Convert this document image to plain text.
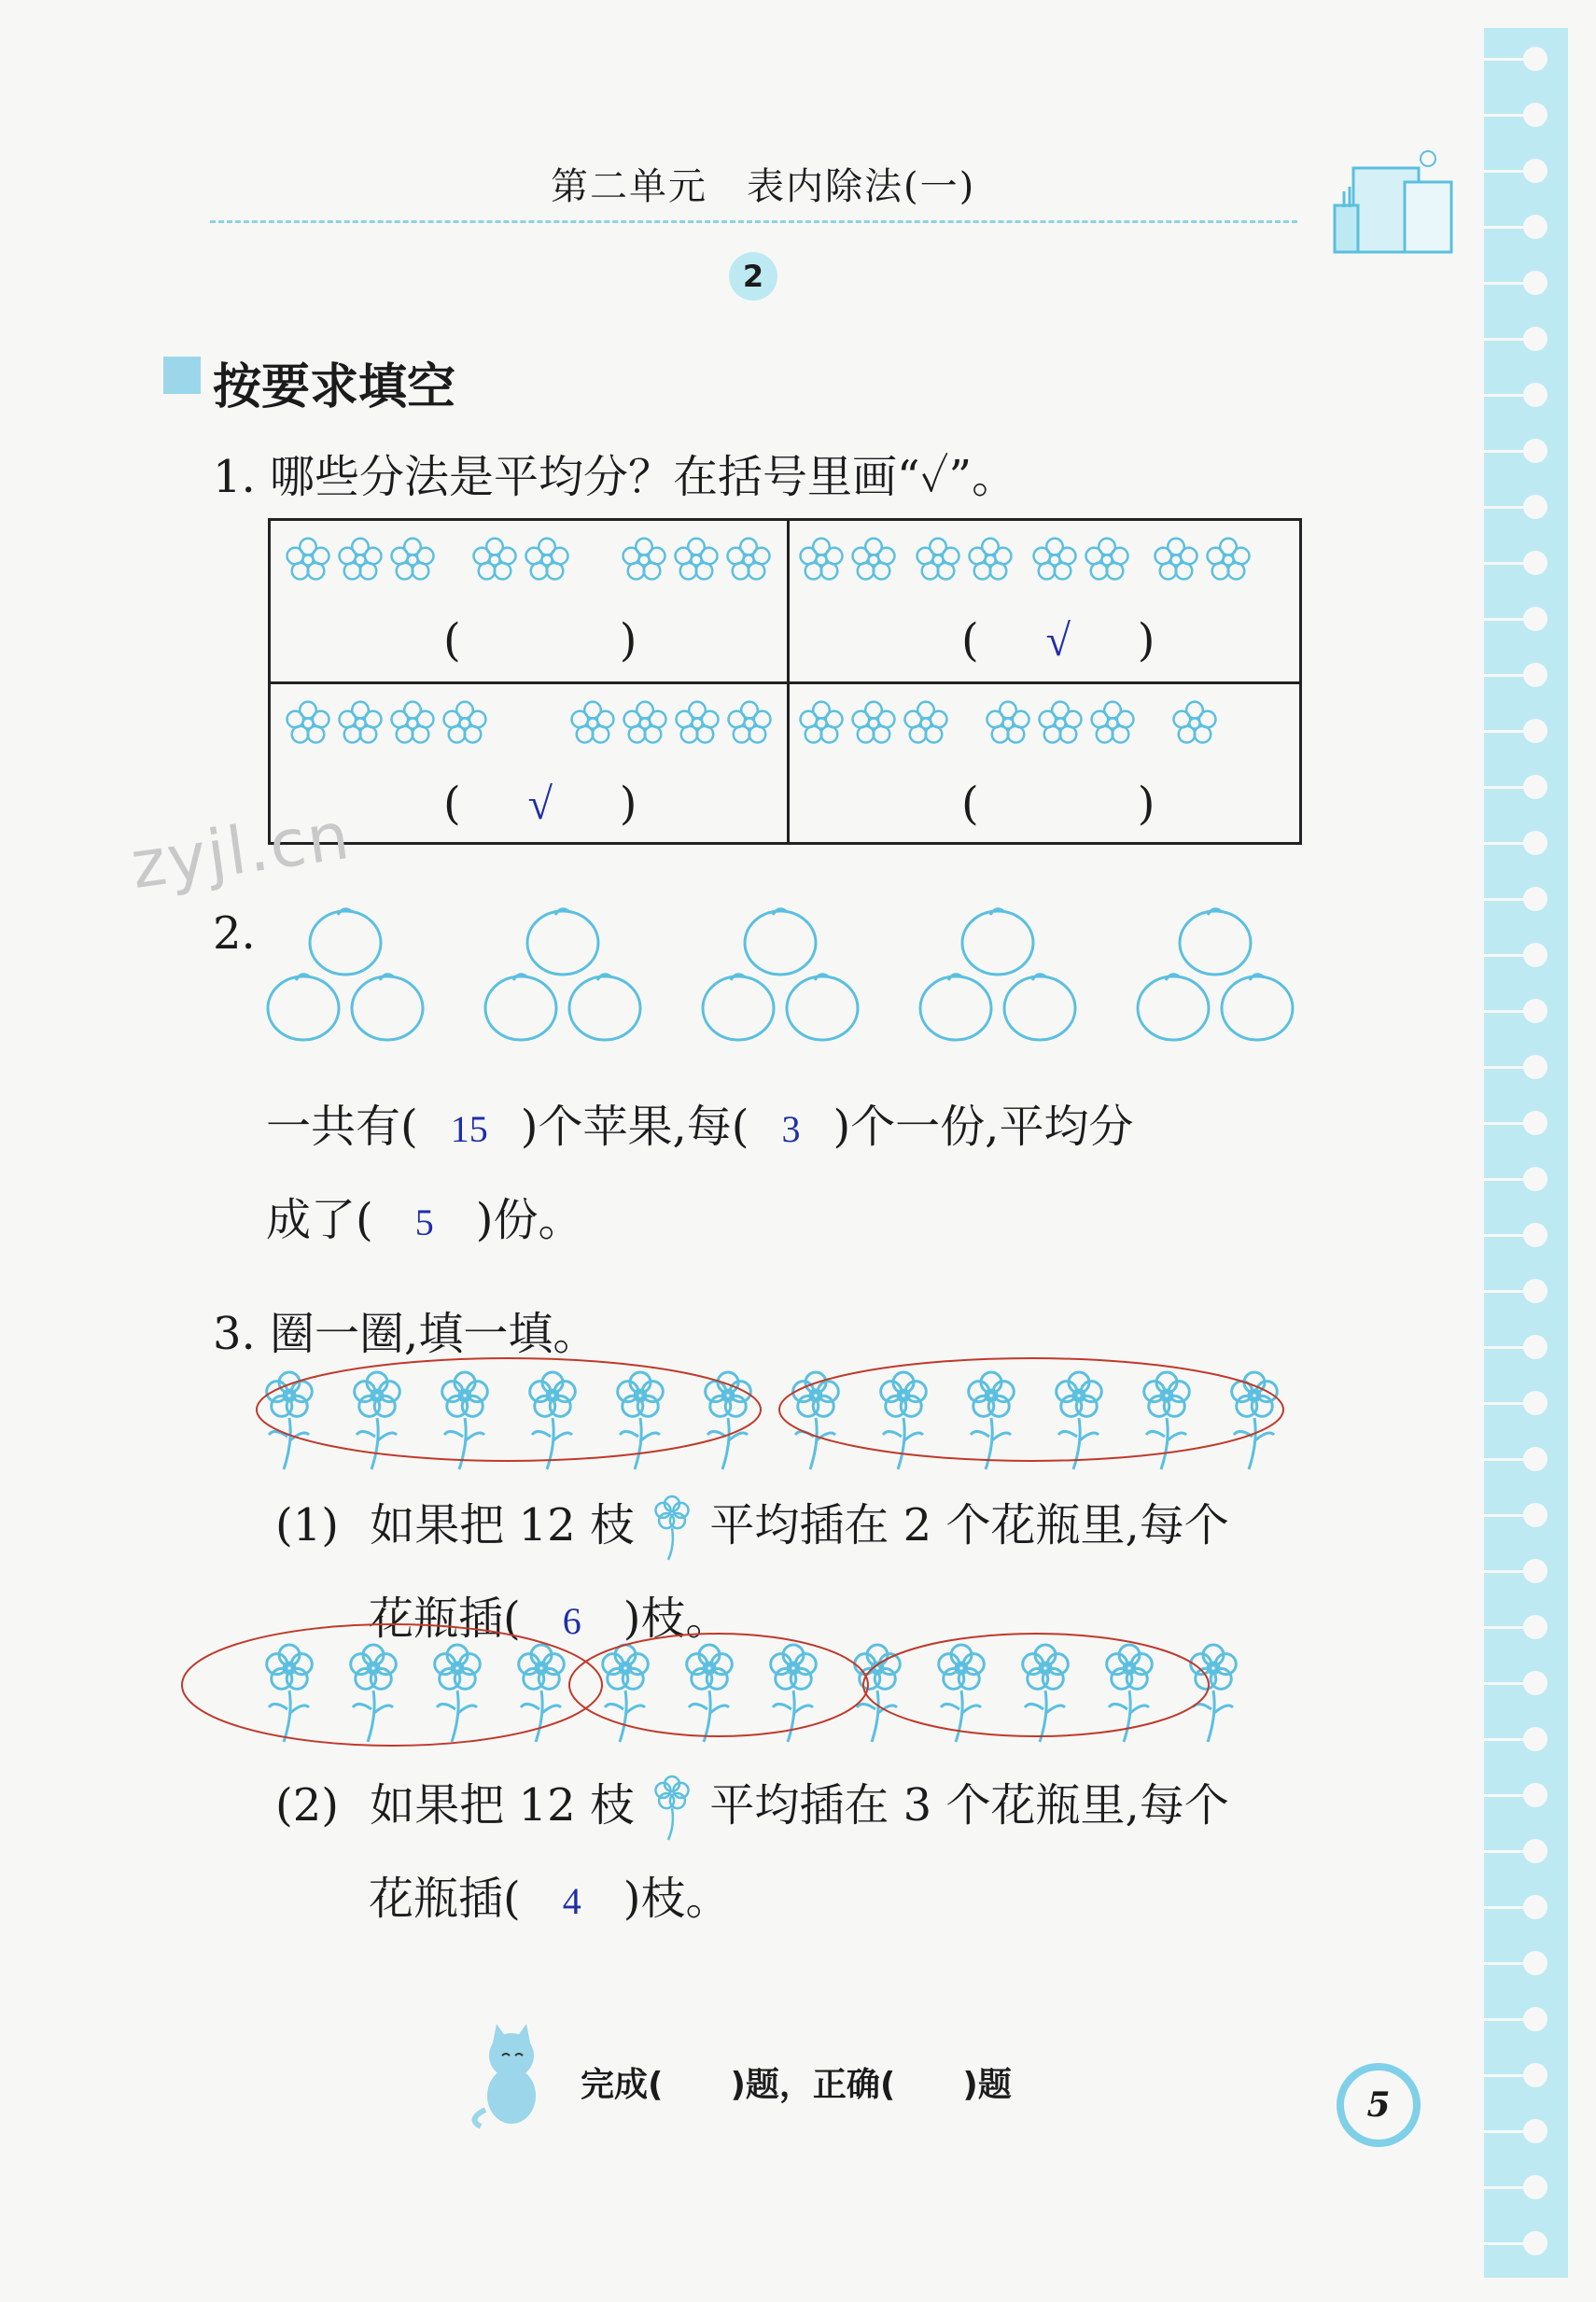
第二单元　表内除法(一)
2
按要求填空
1. 哪些分法是平均分？在括号里画“✓”。
(	)	( √ )
( √ )	(	)
zyjl.cn
2.
一共有( 15 )个苹果,每( 3 )个一份,平均分
成了( 5 )份。
3. 圈一圈,填一填。
(1) 如果把 12 枝 平均插在 2 个花瓶里,每个
花瓶插( 6 )枝。
(2) 如果把 12 枝 平均插在 3 个花瓶里,每个
花瓶插( 4 )枝。
完成(　　)题，正确(　　)题
5
